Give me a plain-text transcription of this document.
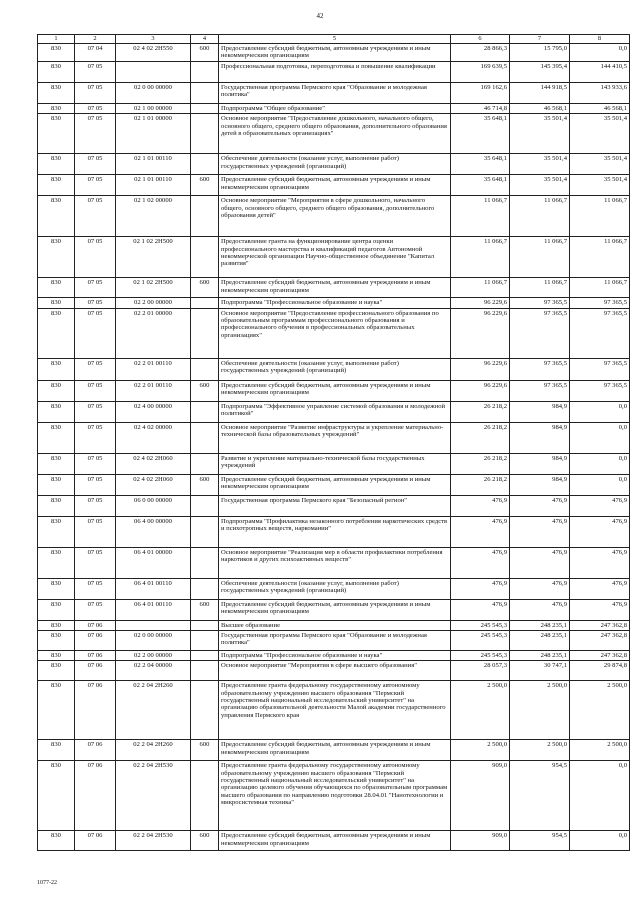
42
1	2	3	4	5	6	7	8
830	07 04	02 4 02 2Н550	600	Предоставление субсидий бюджетным, автономным учреждениям и иным некоммерческим организациям	28 866,3	15 795,0	0,0
830	07 05			Профессиональная подготовка, переподготовка и повышение квалификации	169 639,5	145 395,4	144 410,5
830	07 05	02 0 00 00000		Государственная программа Пермского края "Образование и молодежная политика"	169 162,6	144 918,5	143 933,6
830	07 05	02 1 00 00000		Подпрограмма "Общее образование"	46 714,8	46 568,1	46 568,1
830	07 05	02 1 01 00000		Основное мероприятие "Предоставление дошкольного, начального общего, основного общего, среднего общего образования, дополнительного образования детей в образовательных организациях"	35 648,1	35 501,4	35 501,4
830	07 05	02 1 01 00110		Обеспечение деятельности (оказание услуг, выполнение работ) государственных учреждений (организаций)	35 648,1	35 501,4	35 501,4
830	07 05	02 1 01 00110	600	Предоставление субсидий бюджетным, автономным учреждениям и иным некоммерческим организациям	35 648,1	35 501,4	35 501,4
830	07 05	02 1 02 00000		Основное мероприятие "Мероприятия в сфере дошкольного, начального общего, основного общего, среднего общего образования, дополнительного образования детей"	11 066,7	11 066,7	11 066,7
830	07 05	02 1 02 2Н500		Предоставление гранта на функционирование центра оценки профессионального мастерства и квалификаций педагогов Автономной некоммерческой организации Научно-общественное объединение "Капитал развития"	11 066,7	11 066,7	11 066,7
830	07 05	02 1 02 2Н500	600	Предоставление субсидий бюджетным, автономным учреждениям и иным некоммерческим организациям	11 066,7	11 066,7	11 066,7
830	07 05	02 2 00 00000		Подпрограмма "Профессиональное образование и наука"	96 229,6	97 365,5	97 365,5
830	07 05	02 2 01 00000		Основное мероприятие "Предоставление профессионального образования по образовательным программам профессионального образования и профессионального обучения в профессиональных образовательных организациях"	96 229,6	97 365,5	97 365,5
830	07 05	02 2 01 00110		Обеспечение деятельности (оказание услуг, выполнение работ) государственных учреждений (организаций)	96 229,6	97 365,5	97 365,5
830	07 05	02 2 01 00110	600	Предоставление субсидий бюджетным, автономным учреждениям и иным некоммерческим организациям	96 229,6	97 365,5	97 365,5
830	07 05	02 4 00 00000		Подпрограмма "Эффективное управление системой образования и молодежной политикой"	26 218,2	984,9	0,0
830	07 05	02 4 02 00000		Основное мероприятие "Развитие инфраструктуры и укрепление материально-технической базы образовательных учреждений"	26 218,2	984,9	0,0
830	07 05	02 4 02 2Н060		Развитие и укрепление материально-технической базы государственных учреждений	26 218,2	984,9	0,0
830	07 05	02 4 02 2Н060	600	Предоставление субсидий бюджетным, автономным учреждениям и иным некоммерческим организациям	26 218,2	984,9	0,0
830	07 05	06 0 00 00000		Государственная программа Пермского края "Безопасный регион"	476,9	476,9	476,9
830	07 05	06 4 00 00000		Подпрограмма "Профилактика незаконного потребления наркотических средств и психотропных веществ, наркомании"	476,9	476,9	476,9
830	07 05	06 4 01 00000		Основное мероприятие "Реализация мер в области профилактики потребления наркотиков и других психоактивных веществ"	476,9	476,9	476,9
830	07 05	06 4 01 00110		Обеспечение деятельности (оказание услуг, выполнение работ) государственных учреждений (организаций)	476,9	476,9	476,9
830	07 05	06 4 01 00110	600	Предоставление субсидий бюджетным, автономным учреждениям и иным некоммерческим организациям	476,9	476,9	476,9
830	07 06			Высшее образование	245 545,3	248 235,1	247 362,8
830	07 06	02 0 00 00000		Государственная программа Пермского края "Образование и молодежная политика"	245 545,3	248 235,1	247 362,8
830	07 06	02 2 00 00000		Подпрограмма "Профессиональное образование и наука"	245 545,3	248 235,1	247 362,8
830	07 06	02 2 04 00000		Основное мероприятие "Мероприятия в сфере высшего образования"	28 057,3	30 747,1	29 874,8
830	07 06	02 2 04 2Н260		Предоставление гранта федеральному государственному автономному образовательному учреждению высшего образования "Пермский государственный национальный исследовательский университет" на организацию образовательной деятельности Малой академии государственного управления Пермского края	2 500,0	2 500,0	2 500,0
830	07 06	02 2 04 2Н260	600	Предоставление субсидий бюджетным, автономным учреждениям и иным некоммерческим организациям	2 500,0	2 500,0	2 500,0
830	07 06	02 2 04 2Н530		Предоставление гранта федеральному государственному автономному образовательному учреждению высшего образования "Пермский государственный национальный исследовательский университет" на организацию целевого обучения обучающихся по образовательным программам высшего образования по направлению подготовки 28.04.01 "Нанотехнологии и микросистемная техника"	909,0	954,5	0,0
830	07 06	02 2 04 2Н530	600	Предоставление субсидий бюджетным, автономным учреждениям и иным некоммерческим организациям	909,0	954,5	0,0
1077-22
